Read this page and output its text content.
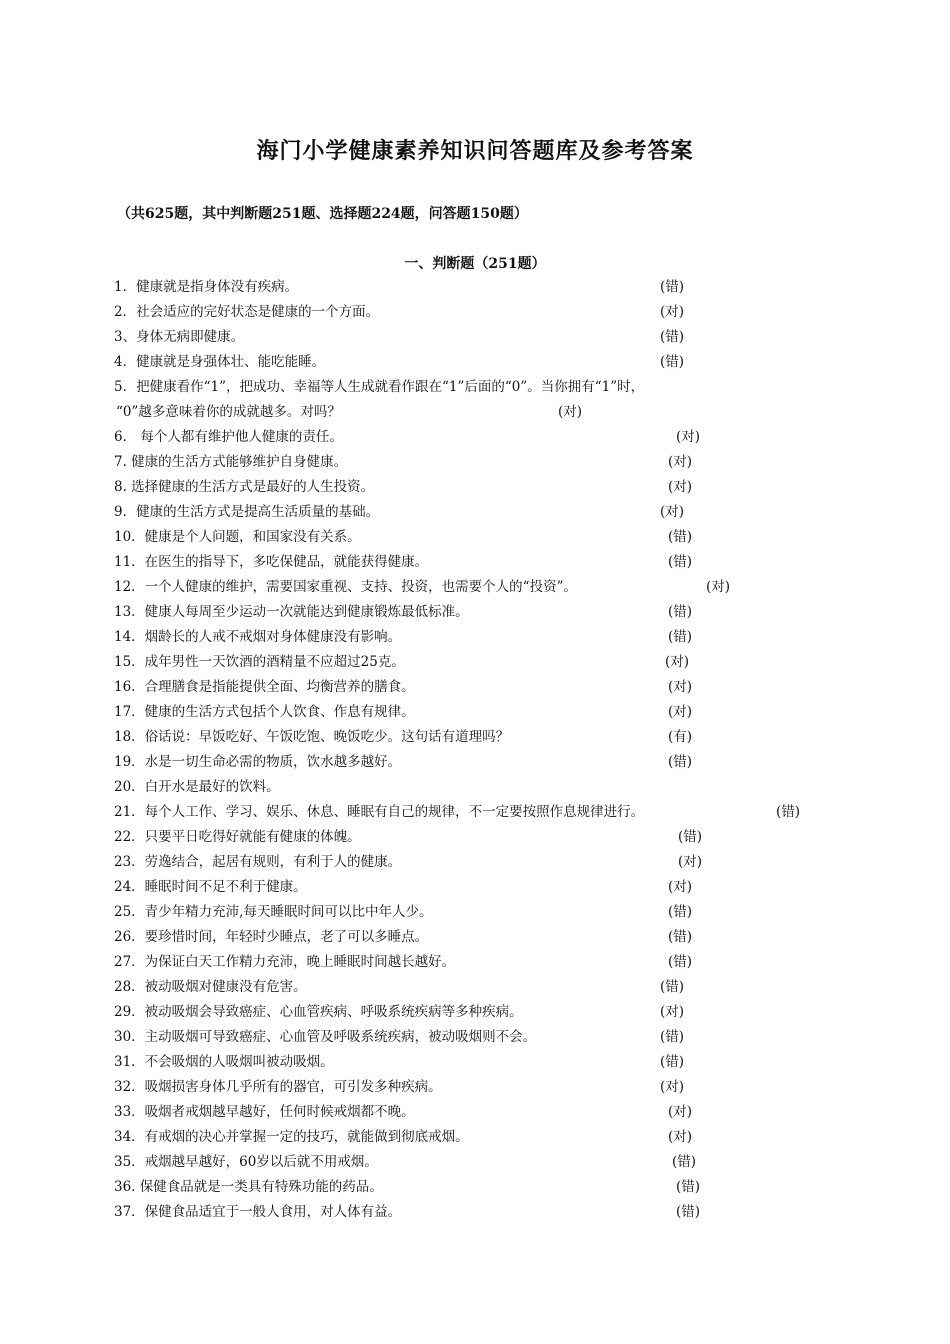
海门小学健康素养知识问答题库及参考答案
（共625题，其中判断题251题、选择题224题，问答题150题）
一、判断题（251题）
1．健康就是指身体没有疾病。	(错)
2．社会适应的完好状态是健康的一个方面。	(对)
3、身体无病即健康。	(错)
4．健康就是身强体壮、能吃能睡。	(错)
5．把健康看作“1”，把成功、幸福等人生成就看作跟在“1”后面的“0”。当你拥有“1”时，
“0”越多意味着你的成就越多。对吗？	(对)
6． 每个人都有维护他人健康的责任。	(对)
7. 健康的生活方式能够维护自身健康。	(对)
8. 选择健康的生活方式是最好的人生投资。	(对)
9．健康的生活方式是提高生活质量的基础。	(对)
10．健康是个人问题，和国家没有关系。	(错)
11．在医生的指导下，多吃保健品，就能获得健康。	(错)
12．一个人健康的维护，需要国家重视、支持、投资，也需要个人的“投资”。	(对)
13．健康人每周至少运动一次就能达到健康锻炼最低标准。	(错)
14．烟龄长的人戒不戒烟对身体健康没有影响。	(错)
15．成年男性一天饮酒的酒精量不应超过25克。	(对)
16．合理膳食是指能提供全面、均衡营养的膳食。	(对)
17．健康的生活方式包括个人饮食、作息有规律。	(对)
18．俗话说：早饭吃好、午饭吃饱、晚饭吃少。这句话有道理吗？	(有)
19．水是一切生命必需的物质，饮水越多越好。	(错)
20．白开水是最好的饮料。
21．每个人工作、学习、娱乐、休息、睡眠有自己的规律，不一定要按照作息规律进行。	(错)
22．只要平日吃得好就能有健康的体魄。	(错)
23．劳逸结合，起居有规则，有利于人的健康。	(对)
24．睡眠时间不足不利于健康。	(对)
25．青少年精力充沛,每天睡眠时间可以比中年人少。	(错)
26．要珍惜时间，年轻时少睡点，老了可以多睡点。	(错)
27．为保证白天工作精力充沛，晚上睡眠时间越长越好。	(错)
28．被动吸烟对健康没有危害。	(错)
29．被动吸烟会导致癌症、心血管疾病、呼吸系统疾病等多种疾病。	(对)
30．主动吸烟可导致癌症、心血管及呼吸系统疾病，被动吸烟则不会。	(错)
31．不会吸烟的人吸烟叫被动吸烟。	(错)
32．吸烟损害身体几乎所有的器官，可引发多种疾病。	(对)
33．吸烟者戒烟越早越好，任何时候戒烟都不晚。	(对)
34．有戒烟的决心并掌握一定的技巧，就能做到彻底戒烟。	(对)
35．戒烟越早越好，60岁以后就不用戒烟。	(错)
36. 保健食品就是一类具有特殊功能的药品。	(错)
37．保健食品适宜于一般人食用，对人体有益。	(错)
